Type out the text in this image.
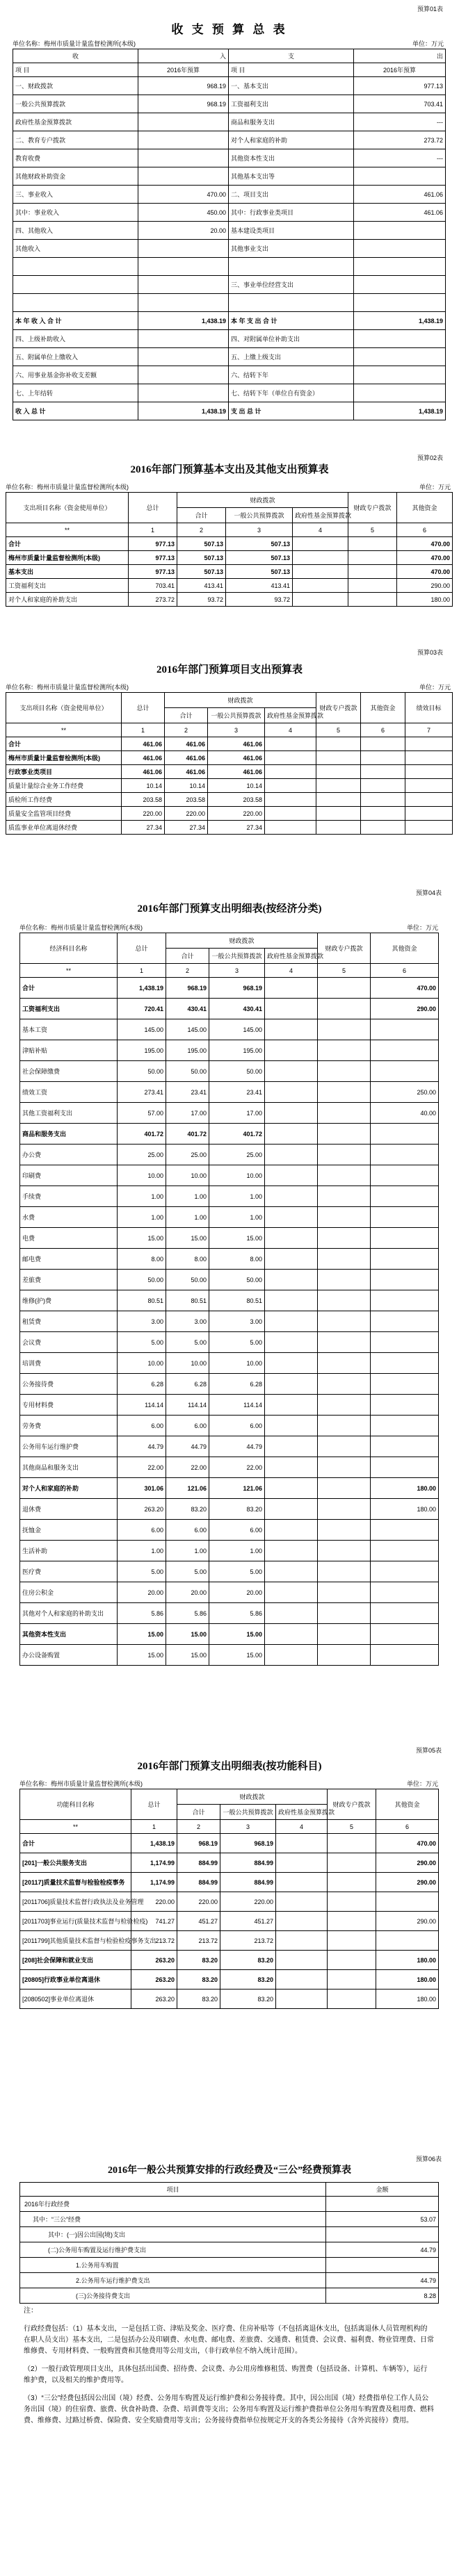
预算01表
收 支 预 算 总 表
单位名称：梅州市质量计量监督检测所(本级)	单位：万元
收	入	支	出
项 目	2016年预算	项 目	2016年预算
一、财政拨款	968.19	一、基本支出	977.13
一般公共预算拨款	968.19	工资福利支出	703.41
政府性基金预算拨款		商品和服务支出	---
二、教育专户拨款		对个人和家庭的补助	273.72
教育收费		其他资本性支出	---
其他财政补助资金		其他基本支出等	
三、事业收入	470.00	二、项目支出	461.06
其中：事业收入	450.00	其中：行政事业类项目	461.06
四、其他收入	20.00	基本建设类项目	
其他收入		其他事业支出	

		三、事业单位经营支出	

本 年 收 入 合 计	1,438.19	本 年 支 出 合 计	1,438.19
四、上级补助收入		四、对附属单位补助支出	
五、附属单位上缴收入		五、上缴上级支出	
六、用事业基金弥补收支差额		六、结转下年	
七、上年结转		七、结转下年（单位自有资金）	
收 入 总 计	1,438.19	支 出 总 计	1,438.19
预算02表
2016年部门预算基本支出及其他支出预算表
单位名称：梅州市质量计量监督检测所(本级)	单位：万元
支出项目名称（资金使用单位）	总计	财政拨款			财政专户拨款	其他资金
		合计	一般公共预算拨款	政府性基金预算拨款		
**	1	2	3	4	5	6
合计	977.13	507.13	507.13			470.00
梅州市质量计量监督检测所(本级)	977.13	507.13	507.13			470.00
基本支出	977.13	507.13	507.13			470.00
工资福利支出	703.41	413.41	413.41			290.00
对个人和家庭的补助支出	273.72	93.72	93.72			180.00
预算03表
2016年部门预算项目支出预算表
单位名称：梅州市质量计量监督检测所(本级)	单位：万元
支出项目名称（资金使用单位）	总计	财政拨款			财政专户拨款	其他资金	绩效目标
		合计	一般公共预算拨款	政府性基金预算拨款			
**	1	2	3	4	5	6	7
合计	461.06	461.06	461.06				
梅州市质量计量监督检测所(本级)	461.06	461.06	461.06				
行政事业类项目	461.06	461.06	461.06				
质量计量综合业务工作经费	10.14	10.14	10.14				
质检所工作经费	203.58	203.58	203.58				
质量安全监管项目经费	220.00	220.00	220.00				
质监事业单位离退休经费	27.34	27.34	27.34				
预算04表
2016年部门预算支出明细表(按经济分类)
单位名称：梅州市质量计量监督检测所(本级)	单位：万元
经济科目名称	总计	财政拨款			财政专户拨款	其他资金
		合计	一般公共预算拨款	政府性基金预算拨款		
**	1	2	3	4	5	6
合计	1,438.19	968.19	968.19			470.00
工资福利支出	720.41	430.41	430.41			290.00
基本工资	145.00	145.00	145.00			
津贴补贴	195.00	195.00	195.00			
社会保障缴费	50.00	50.00	50.00			
绩效工资	273.41	23.41	23.41			250.00
其他工资福利支出	57.00	17.00	17.00			40.00
商品和服务支出	401.72	401.72	401.72			
办公费	25.00	25.00	25.00			
印刷费	10.00	10.00	10.00			
手续费	1.00	1.00	1.00			
水费	1.00	1.00	1.00			
电费	15.00	15.00	15.00			
邮电费	8.00	8.00	8.00			
差旅费	50.00	50.00	50.00			
维修(护)费	80.51	80.51	80.51			
租赁费	3.00	3.00	3.00			
会议费	5.00	5.00	5.00			
培训费	10.00	10.00	10.00			
公务接待费	6.28	6.28	6.28			
专用材料费	114.14	114.14	114.14			
劳务费	6.00	6.00	6.00			
公务用车运行维护费	44.79	44.79	44.79			
其他商品和服务支出	22.00	22.00	22.00			
对个人和家庭的补助	301.06	121.06	121.06			180.00
退休费	263.20	83.20	83.20			180.00
抚恤金	6.00	6.00	6.00			
生活补助	1.00	1.00	1.00			
医疗费	5.00	5.00	5.00			
住房公积金	20.00	20.00	20.00			
其他对个人和家庭的补助支出	5.86	5.86	5.86			
其他资本性支出	15.00	15.00	15.00			
办公设备购置	15.00	15.00	15.00			
预算05表
2016年部门预算支出明细表(按功能科目)
单位名称：梅州市质量计量监督检测所(本级)	单位：万元
功能科目名称	总计	财政拨款			财政专户拨款	其他资金
		合计	一般公共预算拨款	政府性基金预算拨款		
**	1	2	3	4	5	6
合计	1,438.19	968.19	968.19			470.00
[201]一般公共服务支出	1,174.99	884.99	884.99			290.00
[20117]质量技术监督与检验检疫事务	1,174.99	884.99	884.99			290.00
[2011706]质量技术监督行政执法及业务管理	220.00	220.00	220.00			
[2011703]事业运行(质量技术监督与检验检疫)	741.27	451.27	451.27			290.00
[2011799]其他质量技术监督与检验检疫事务支出	213.72	213.72	213.72			
[208]社会保障和就业支出	263.20	83.20	83.20			180.00
[20805]行政事业单位离退休	263.20	83.20	83.20			180.00
[2080502]事业单位离退休	263.20	83.20	83.20			180.00
预算06表
2016年一般公共预算安排的行政经费及“三公”经费预算表
项目	金额
2016年行政经费	
其中：“三公”经费	53.07
其中：(一)因公出国(境)支出	
(二)公务用车购置及运行维护费支出	44.79
1.公务用车购置	
2.公务用车运行维护费支出	44.79
(三)公务接待费支出	8.28

注：

行政经费包括：（1）基本支出，一是包括工资、津贴及奖金、医疗费、住房补贴等（不包括离退休支出，包括离退休人员管理机构的在职人员支出）基本支出，二是包括办公及印刷费、水电费、邮电费、差旅费、交通费、租赁费、会议费、福利费、物业管理费、日常维修费、专用材料费、一般购置费和其他费用等公用支出，（非行政单位不纳入统计范围）。

（2）一般行政管理项目支出，具体包括出国费、招待费、会议费、办公用房维修租赁、购置费（包括设备、计算机、车辆等），运行维护费，以及相关的维护费用等。

（3）“三公”经费包括因公出国（境）经费、公务用车购置及运行维护费和公务接待费。其中，因公出国（境）经费指单位工作人员公务出国（境）的住宿费、旅费、伙食补助费、杂费、培训费等支出；公务用车购置及运行维护费指单位公务用车购置费及租用费、燃料费、维修费、过路过桥费、保险费、安全奖励费用等支出；公务接待费指单位按规定开支的各类公务接待（含外宾接待）费用。
